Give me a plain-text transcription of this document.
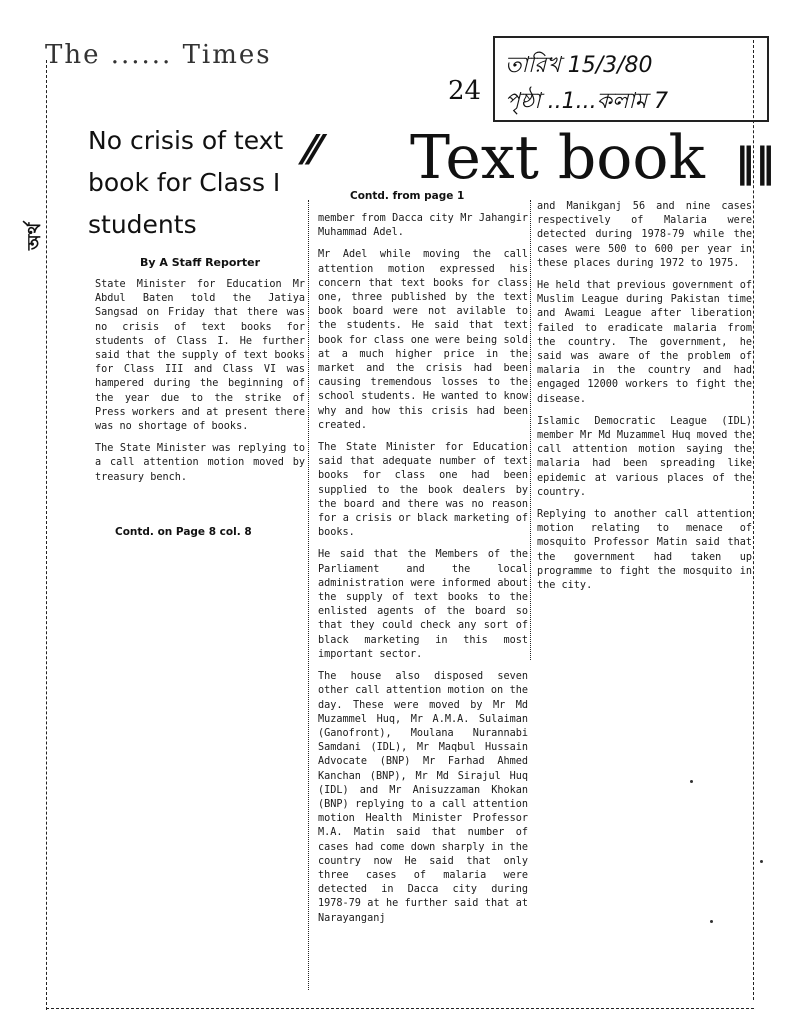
The ...... Times
24
তারিখ 15/3/80
পৃষ্ঠা ..1...কলাম 7
অর্থ
⁄⁄	‖‖
No crisis of text book for Class I students
By A Staff Reporter

State Minister for Education Mr Abdul Baten told the Jatiya Sangsad on Friday that there was no crisis of text books for students of Class I. He further said that the supply of text books for Class III and Class VI was hampered during the beginning of the year due to the strike of Press workers and at present there was no shortage of books.

The State Minister was replying to a call attention motion moved by treasury bench.

Contd. on Page 8 col. 8
Text book
Contd. from page 1

member from Dacca city Mr Jahangir Muhammad Adel.

Mr Adel while moving the call attention motion expressed his concern that text books for class one, three published by the text book board were not avilable to the students. He said that text book for class one were being sold at a much higher price in the market and the crisis had been causing tremendous losses to the school students. He wanted to know why and how this crisis had been created.

The State Minister for Education said that adequate number of text books for class one had been supplied to the book dealers by the board and there was no reason for a crisis or black marketing of books.

He said that the Members of the Parliament and the local administration were informed about the supply of text books to the enlisted agents of the board so that they could check any sort of black marketing in this most important sector.

The house also disposed seven other call attention motion on the day. These were moved by Mr Md Muzammel Huq, Mr A.M.A. Sulaiman (Ganofront), Moulana Nurannabi Samdani (IDL), Mr Maqbul Hussain Advocate (BNP) Mr Farhad Ahmed Kanchan (BNP), Mr Md Sirajul Huq (IDL) and Mr Anisuzzaman Khokan (BNP) replying to a call attention motion Health Minister Professor M.A. Matin said that number of cases had come down sharply in the country now He said that only three cases of malaria were detected in Dacca city during 1978-79 at he further said that at Narayanganj

and Manikganj 56 and nine cases respectively of Malaria were detected during 1978-79 while the cases were 500 to 600 per year in these places during 1972 to 1975.

He held that previous government of Muslim League during Pakistan time and Awami League after liberation failed to eradicate malaria from the country. The government, he said was aware of the problem of malaria in the country and had engaged 12000 workers to fight the disease.

Islamic Democratic League (IDL) member Mr Md Muzammel Huq moved the call attention motion saying the malaria had been spreading like epidemic at various places of the country.

Replying to another call attention motion relating to menace of mosquito Professor Matin said that the government had taken up programme to fight the mosquito in the city.
